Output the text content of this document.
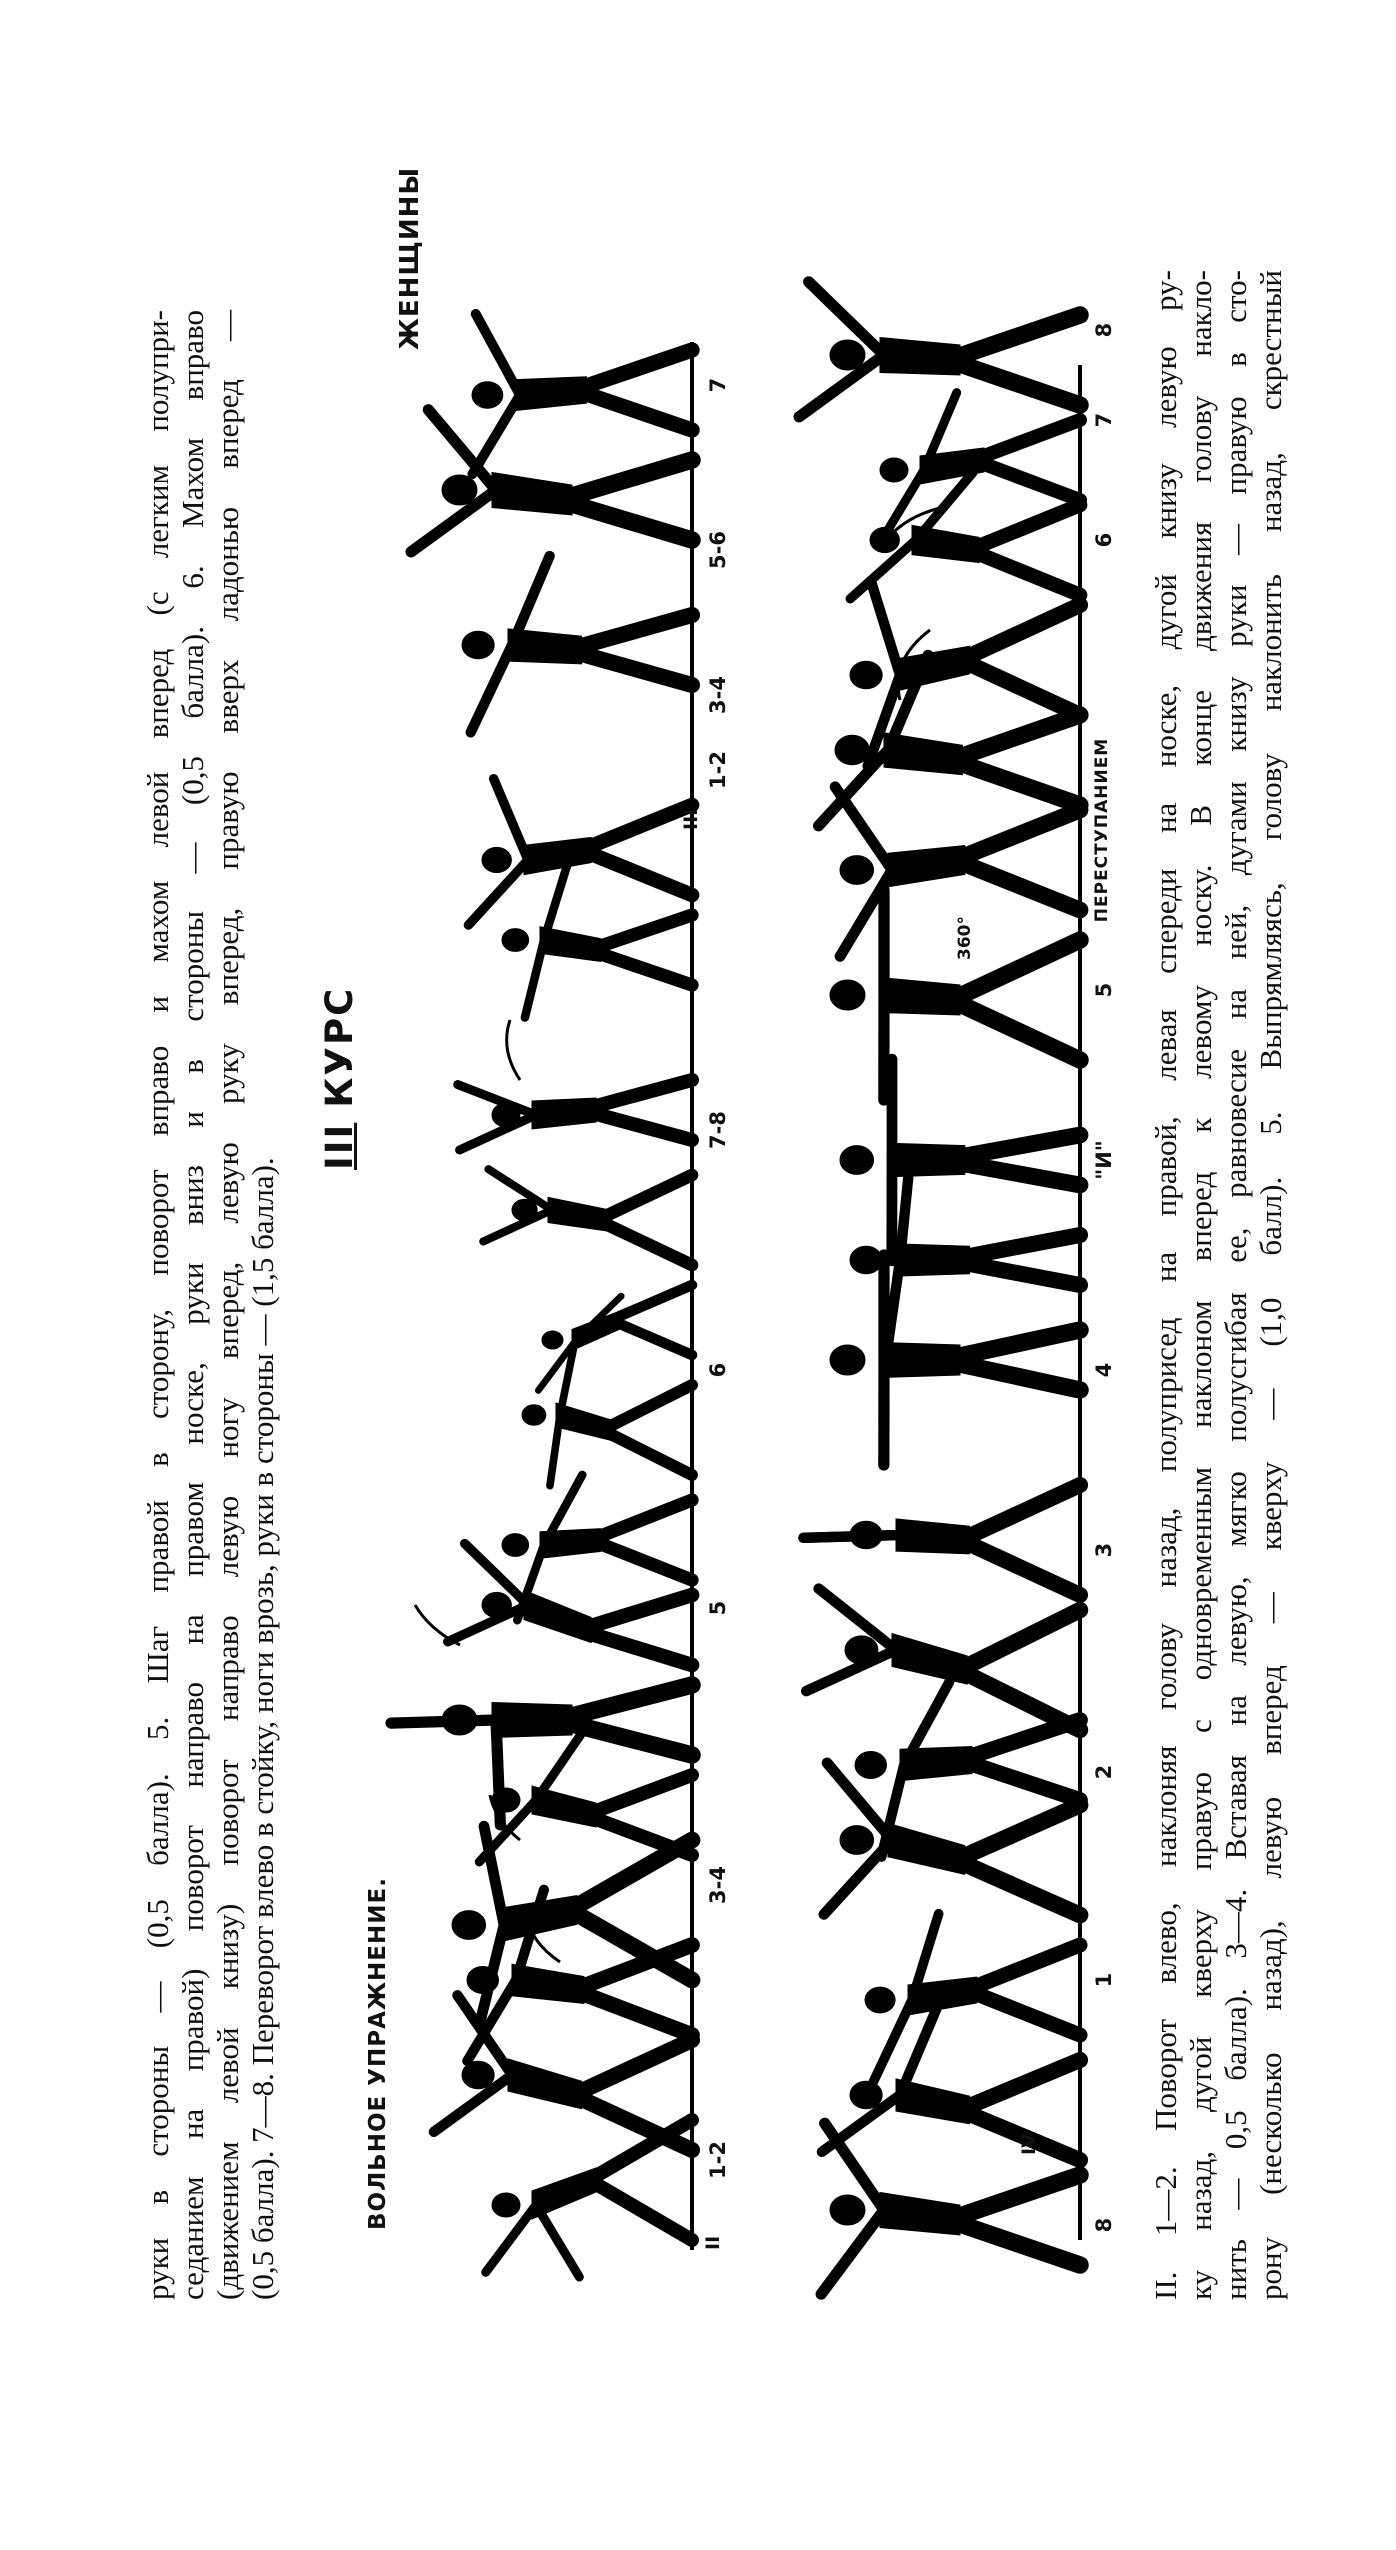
руки в стороны — (0,5 балла). 5. Шаг правой в сторону, поворот вправо и махом левой вперед (с легким полупри- седанием на правой) поворот направо на правом носке, руки вниз и в стороны — (0,5 балла). 6. Махом вправо (движением левой книзу) поворот направо левую ногу вперед, левую руку вперед, правую вверх ладонью вперед — (0,5 балла). 7—8. Переворот влево в стойку, ноги врозь, руки в стороны — (1,5 балла).
III КУРС
ВОЛЬНОЕ УПРАЖНЕНИЕ.
ЖЕНЩИНЫ
II
III
IV
360°
1-2
3-4
5
6
7-8
1-2
3-4
5-6
7
8
1
2
3
4
"И"
5
ПЕРЕСТУПАНИЕМ
6
7
8 II. 1—2. Поворот влево, наклоняя голову назад, полуприсед на правой, левая спереди на носке, дугой книзу левую ру- ку назад, дугой кверху правую с одновременным наклоном вперед к левому носку. В конце движения голову накло- нить — 0,5 балла). 3—4. Вставая на левую, мягко полусгибая ее, равновесие на ней, дугами книзу руки — правую в сто- рону (несколько назад), левую вперед — кверху — (1,0 балл). 5. Выпрямляясь, голову наклонить назад, скрестный
